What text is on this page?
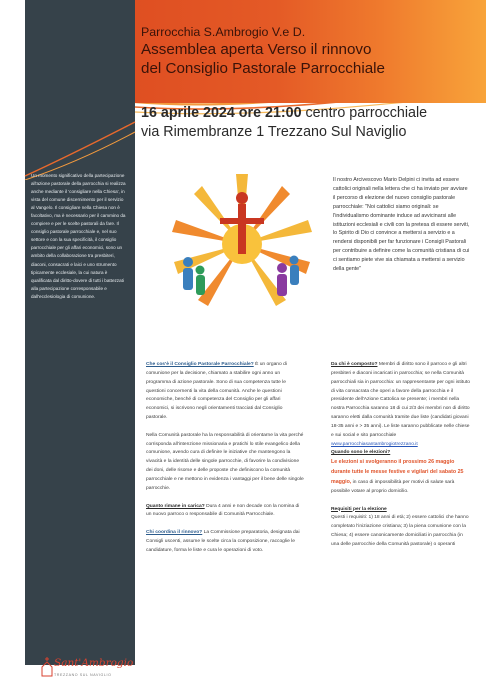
Parrocchia S.Ambrogio V.e D.
Assemblea aperta Verso il rinnovo
del Consiglio Pastorale Parrocchiale
16 aprile 2024 ore 21:00 centro parrocchiale
via Rimembranze 1 Trezzano Sul Naviglio
Un momento significativo della partecipazione all'azione pastorale della parrocchia si realizza anche mediante il 'consigliare nella Chiesa', in vista del comune discernimento per il servizio al Vangelo. Il consigliare nella Chiesa non è facoltativo, ma è necessario per il cammino da compiere e per le scelte pastorali da fare. Il consiglio pastorale parrocchiale e, nel suo settore e con la sua specificità, il consiglio parrocchiale per gli affari economici, sono un ambito della collaborazione tra presbiteri, diaconi, consacrati e laici e uno strumento tipicamente ecclesiale, la cui natura è qualificata dal diritto-dovere di tutti i battezzati alla partecipazione corresponsabile e dall'ecclesiologia di comunione.
Il nostro Arcivescovo Mario Delpini ci invita ad essere cattolici originali nella lettera che ci ha inviato per avviare il percorso di elezione del nuovo consiglio pastorale parrocchiale: "Noi cattolici siamo originali: se l'individualismo dominante induce ad avvicinarsi alle istituzioni ecclesiali e civili con la pretesa di essere serviti, lo Spirito di Dio ci convince a mettersi a servizio e a rendersi disponibili per far funzionare i Consigli Pastorali per contribuire a definire come la comunità cristiana di cui ci sentiamo piete vive sia chiamata a mettersi a servizio della gente"

Che cos'è il Consiglio Pastorale Parrocchiale? È un organo di comunione per la decisione, chiamato a stabilire ogni anno un programma di azione pastorale. Sono di sua competenza tutte le questioni concernenti la vita della comunità. Anche le questioni economiche, benché di competenza del Consiglio per gli affari economici, si iscrivono negli orientamenti tracciati dal Consiglio pastorale.

Nella Comunità pastorale ha la responsabilità di orientarne la vita perché corrisponda all'intenzione missionaria e pratichi lo stile evangelico della comunione, avendo cura di definire le iniziative che mantengono la vivacità e la identità delle singole parrocchie, di favorire la condivisione dei doni, delle risorse e delle proposte che definiscono la comunità parrocchiale e ne mettono in evidenza i vantaggi per il bene delle singole parrocchie.

Quanto rimane in carica? Dura 4 anni e non decade con la nomina di un nuovo parroco o responsabile di Comunità Parrocchiale.

Chi coordina il rinnovo? La Commissione preparatoria, designata dai Consigli uscenti, assume le scelte circa la composizione, raccoglie le candidature, forma le liste e cura le operazioni di voto.

Da chi è composto? Membri di diritto sono il parroco e gli altri presbiteri e diaconi incaricati in parrocchia; se nella Comunità parrocchiali sia in parrocchia: un rappresentante per ogni istituto di vita consacrata che operi a favore della parrocchia e il presidente dell'Azione Cattolica se presente; i membri nella nostra Parrocchia saranno 18 di cui 2/3 dei membri non di diritto saranno eletti dalla comunità tramite due liste (candidati giovani 18-35 anni e > 35 anni). Le liste saranno pubblicate nelle chiese e sui social e sito parrocchiale

www.parrocchiasantambrogiotrezzano.it

Quando sono le elezioni?

Le elezioni si svolgeranno il prossimo 26 maggio durante tutte le messe festive e vigilari del sabato 25 maggio, in caso di impossibilità per motivi di salute sarà possibile votare al proprio domicilio.

Requisiti per la elezione

Questi i requisiti: 1) 18 anni di età; 2) essere cattolici che hanno completato l'iniziazione cristiana; 3) la piena comunione con la Chiesa; 4) essere canonicamente domiciliati in parrocchia (in una delle parrocchie della Comunità pastorale) o operanti

Sant'Ambrogio
TREZZANO SUL NAVIGLIO
